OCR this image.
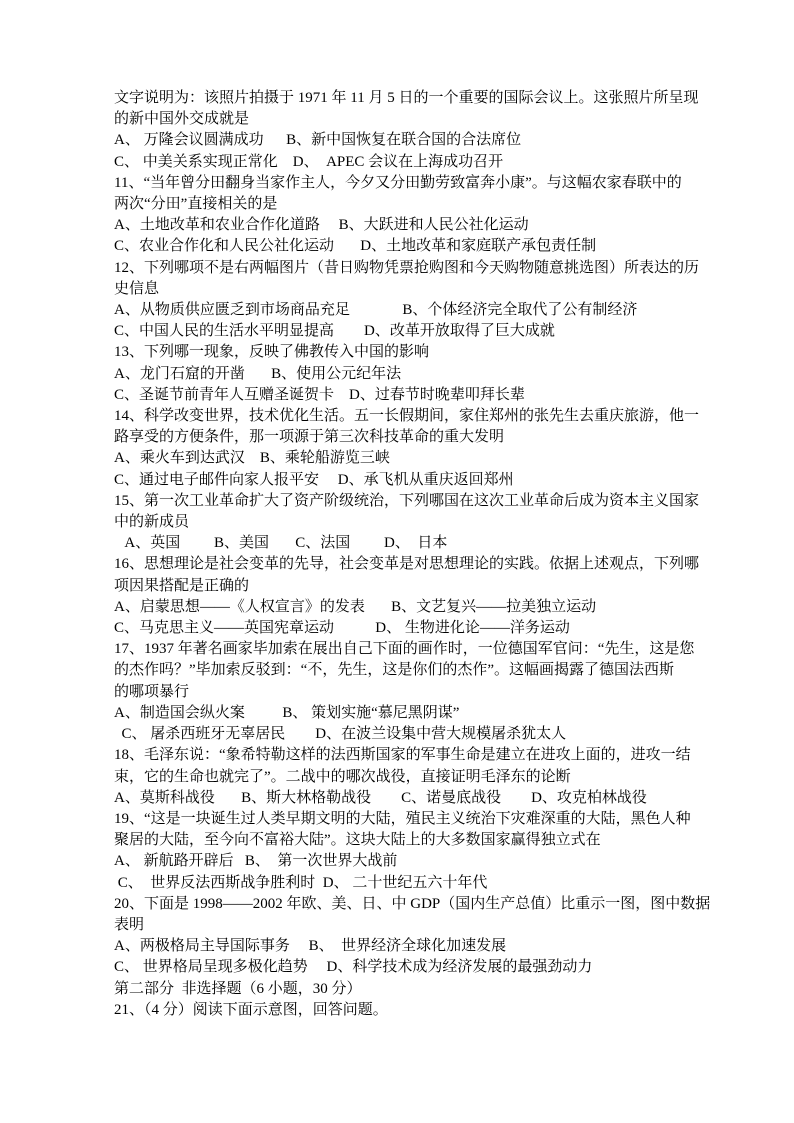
文字说明为：该照片拍摄于 1971 年 11 月 5 日的一个重要的国际会议上。这张照片所呈现
的新中国外交成就是
A、 万隆会议圆满成功      B、新中国恢复在联合国的合法席位
C、 中美关系实现正常化    D、  APEC 会议在上海成功召开
11、“当年曾分田翻身当家作主人，今夕又分田勤劳致富奔小康”。与这幅农家春联中的
两次“分田”直接相关的是
A、土地改革和农业合作化道路     B、大跃进和人民公社化运动
C、农业合作化和人民公社化运动       D、土地改革和家庭联产承包责任制
12、下列哪项不是右两幅图片（昔日购物凭票抢购图和今天购物随意挑选图）所表达的历
史信息
A、从物质供应匮乏到市场商品充足              B、个体经济完全取代了公有制经济
C、中国人民的生活水平明显提高        D、改革开放取得了巨大成就
13、下列哪一现象，反映了佛教传入中国的影响
A、龙门石窟的开凿       B、使用公元纪年法
C、圣诞节前青年人互赠圣诞贺卡    D、过春节时晚辈叩拜长辈
14、科学改变世界，技术优化生活。五一长假期间，家住郑州的张先生去重庆旅游，他一
路享受的方便条件，那一项源于第三次科技革命的重大发明
A、乘火车到达武汉    B、乘轮船游览三峡
C、通过电子邮件向家人报平安     D、承飞机从重庆返回郑州
15、第一次工业革命扩大了资产阶级统治，下列哪国在这次工业革命后成为资本主义国家
中的新成员
A、英国         B、美国       C、法国         D、  日本
16、思想理论是社会变革的先导，社会变革是对思想理论的实践。依据上述观点，下列哪
项因果搭配是正确的
A、启蒙思想——《人权宣言》的发表       B、文艺复兴——拉美独立运动
C、马克思主义——英国宪章运动           D、 生物进化论——洋务运动
17、1937 年著名画家毕加索在展出自己下面的画作时，一位德国军官问：“先生，这是您
的杰作吗？”毕加索反驳到：“不，先生，这是你们的杰作”。这幅画揭露了德国法西斯
的哪项暴行
A、制造国会纵火案          B、 策划实施“慕尼黑阴谋”
C、 屠杀西班牙无辜居民        D、在波兰设集中营大规模屠杀犹太人
18、毛泽东说：“象希特勒这样的法西斯国家的军事生命是建立在进攻上面的，进攻一结
束，它的生命也就完了”。二战中的哪次战役，直接证明毛泽东的论断
A、莫斯科战役       B、斯大林格勒战役        C、诺曼底战役        D、攻克柏林战役
19、“这是一块诞生过人类早期文明的大陆，殖民主义统治下灾难深重的大陆，黑色人种
聚居的大陆，至今向不富裕大陆”。这块大陆上的大多数国家赢得独立式在
A、 新航路开辟后   B、  第一次世界大战前
C、  世界反法西斯战争胜利时  D、 二十世纪五六十年代
20、下面是 1998——2002 年欧、美、日、中 GDP（国内生产总值）比重示一图，图中数据
表明
A、两极格局主导国际事务     B、  世界经济全球化加速发展
C、 世界格局呈现多极化趋势     D、科学技术成为经济发展的最强劲动力
第二部分  非选择题（6 小题，30 分）
21、（4 分）阅读下面示意图，回答问题。
